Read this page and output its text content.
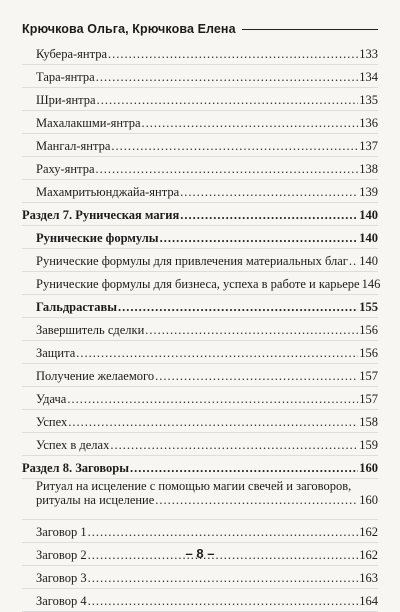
Крючкова Ольга, Крючкова Елена
Кубера-янтра .....	133
Тара-янтра .....	134
Шри-янтра .....	135
Махалакшми-янтра .....	136
Мангал-янтра .....	137
Раху-янтра .....	138
Махамритьюнджайа-янтра .....	139
Раздел 7. Руническая магия .....	140
Рунические формулы .....	140
Рунические формулы для привлечения материальных благ ..... 140
Рунические формулы для бизнеса, успеха в работе и карьере 146
Гальдраставы .....	155
Завершитель сделки .....	156
Защита .....	156
Получение желаемого .....	157
Удача .....	157
Успех .....	158
Успех в делах .....	159
Раздел 8. Заговоры .....	160
Ритуал на исцеление с помощью магии свечей и заговоров,
ритуалы на исцеление .....	160
Заговор 1 .....	162
Заговор 2 .....	162
Заговор 3 .....	163
Заговор 4 .....	164
– 8 –
